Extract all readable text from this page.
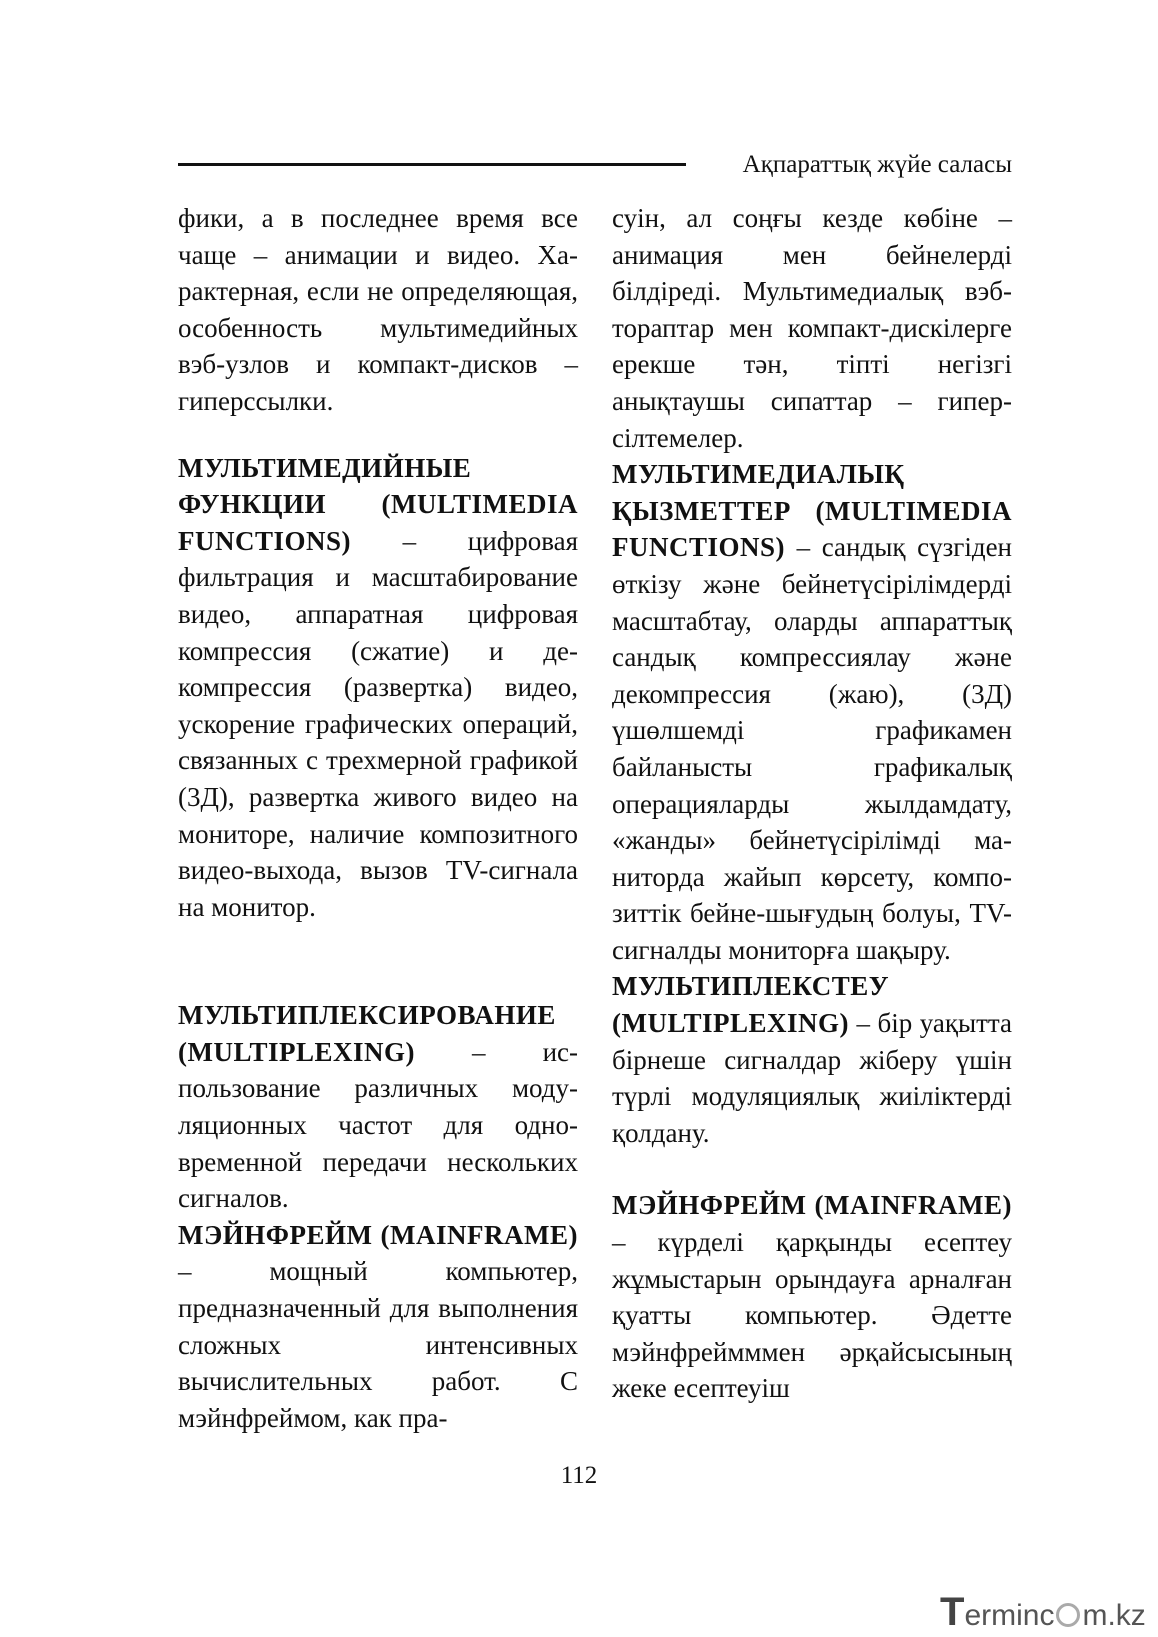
Ақпараттық жүйе саласы

фики, а в последнее время все чаще – анимации и видео. Характерная, если не определяющая, особенность мультимедийных вэб-узлов и компакт-дисков – гиперссылки.

МУЛЬТИМЕДИЙНЫЕ ФУНКЦИИ (MULTIMEDIA FUNCTIONS) – цифровая фильтрация и масштабирование видео, аппаратная цифровая компрессия (сжатие) и декомпрессия (развертка) видео, ускорение графических операций, связанных с трехмерной графикой (3Д), развертка живого видео на мониторе, наличие композитного видео-выхода, вызов TV-сигнала на монитор.

МУЛЬТИПЛЕКСИРОВАНИЕ (MULTIPLEXING) – использование различных модуляционных частот для одновременной передачи нескольких сигналов.

МЭЙНФРЕЙМ (MAINFRAME) – мощный компьютер, предназначенный для выполнения сложных интенсивных вычислительных работ. С мэйнфреймом, как пра-

суін, ал соңғы кезде көбіне – анимация мен бейнелерді білдіреді. Мультимедиалық вэбтораптар мен компакт-дискілерге ерекше тән, тіпті негізгі анықтаушы сипаттар – гиперсілтемелер.

МУЛЬТИМЕДИАЛЫҚ ҚЫЗМЕТТЕР (MULTIMEDIA FUNCTIONS) – сандық сүзгіден өткізу және бейнетүсірілімдерді масштабтау, оларды аппараттық сандық компрессиялау және декомпрессия (жаю), (3Д) үшөлшемді графикамен байланысты графикалық операцияларды жылдамдату, «жанды» бейнетүсірілімді маниторда жайып көрсету, композиттік бейне-шығудың болуы, TV-сигналды мониторға шақыру.

МУЛЬТИПЛЕКСТЕУ (MULTIPLEXING) – бір уақытта бірнеше сигналдар жіберу үшін түрлі модуляциялық жиіліктерді қолдану.

МЭЙНФРЕЙМ (MAINFRAME) – күрделі қарқынды есептеу жұмыстарын орындауға арналған қуатты компьютер. Әдетте мэйнфреймммен әрқайсысының жеке есептеуіш

112
Terminc m.kz
